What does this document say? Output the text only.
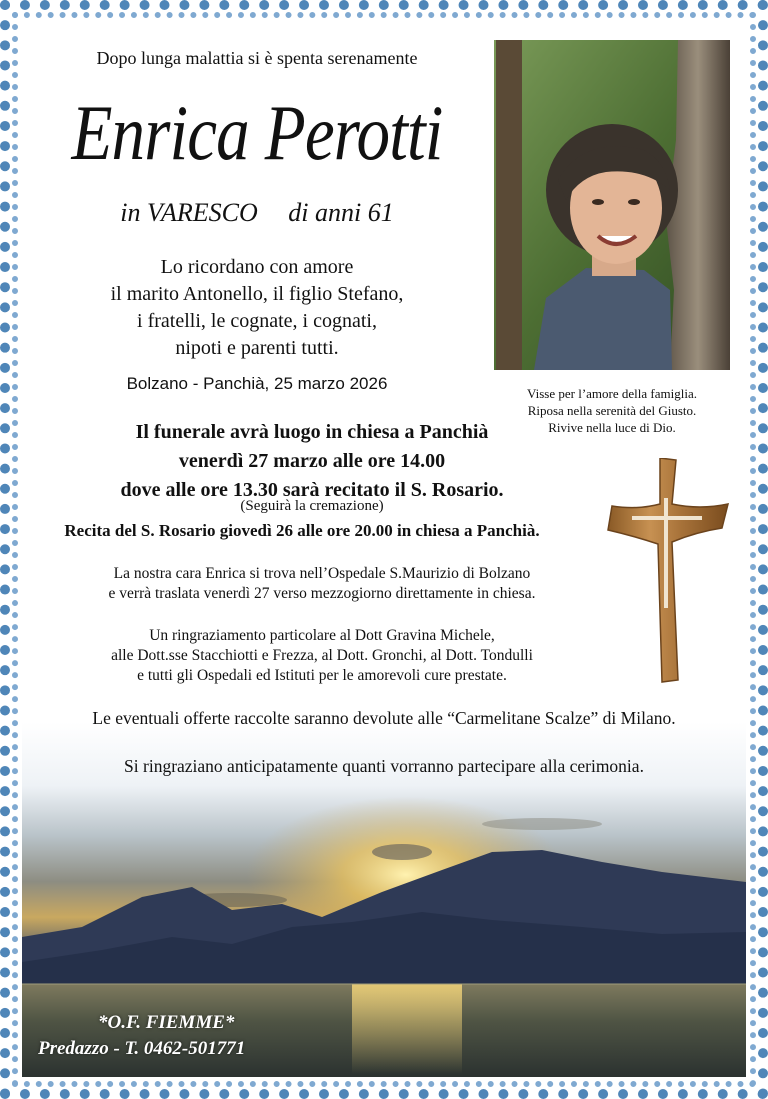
Dopo lunga malattia si è spenta serenamente
Enrica Perotti
in VARESCO di anni 61
Lo ricordano con amore
il marito Antonello, il figlio Stefano,
i fratelli, le cognate, i cognati,
nipoti e parenti tutti.
Bolzano - Panchià, 25 marzo 2026
Visse per l’amore della famiglia.
Riposa nella serenità del Giusto.
Rivive nella luce di Dio.
Il funerale avrà luogo in chiesa a Panchià
venerdì 27 marzo alle ore 14.00
dove alle ore 13.30 sarà recitato il S. Rosario.
(Seguirà la cremazione)
Recita del S. Rosario giovedì 26 alle ore 20.00 in chiesa a Panchià.
La nostra cara Enrica si trova nell’Ospedale S.Maurizio di Bolzano
e verrà traslata venerdì 27 verso mezzogiorno direttamente in chiesa.
Un ringraziamento particolare al Dott Gravina Michele,
alle Dott.sse Stacchiotti e Frezza, al Dott. Gronchi, al Dott. Tondulli
e tutti gli Ospedali ed Istituti per le amorevoli cure prestate.
Le eventuali offerte raccolte saranno devolute alle “Carmelitane Scalze” di Milano.
Si ringraziano anticipatamente quanti vorranno partecipare alla cerimonia.
*O.F. FIEMME*
Predazzo - T. 0462-501771
